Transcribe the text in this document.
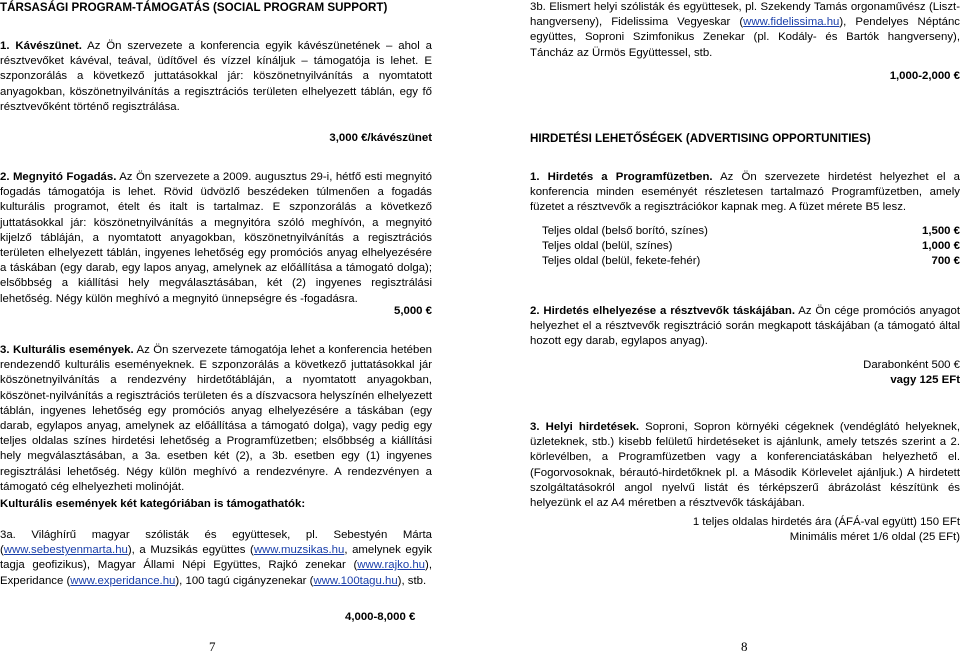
TÁRSASÁGI PROGRAM-TÁMOGATÁS (SOCIAL PROGRAM SUPPORT)

1. Kávészünet. Az Ön szervezete a konferencia egyik kávészünetének – ahol a résztvevőket kávéval, teával, üdítővel és vízzel kínáljuk – támogatója is lehet. E szponzorálás a következő juttatásokkal jár: köszönetnyilvánítás a nyomtatott anyagokban, köszönetnyilvánítás a regisztrációs területen elhelyezett táblán, egy fő résztvevőként történő regisztrálása.

3,000 €/kávészünet

2. Megnyitó Fogadás. Az Ön szervezete a 2009. augusztus 29-i, hétfő esti megnyitó fogadás támogatója is lehet. Rövid üdvözlő beszédeken túlmenően a fogadás kulturális programot, ételt és italt is tartalmaz. E szponzorálás a következő juttatásokkal jár: köszönetnyilvánítás a megnyitóra szóló meghívón, a megnyitó kijelző tábláján, a nyomtatott anyagokban, köszönetnyilvánítás a regisztrációs területen elhelyezett táblán, ingyenes lehetőség egy promóciós anyag elhelyezésére a táskában (egy darab, egy lapos anyag, amelynek az előállítása a támogató dolga); elsőbbség a kiállítási hely megválasztásában, két (2) ingyenes regisztrálási lehetőség. Négy külön meghívó a megnyitó ünnepségre és -fogadásra.

5,000 €

3. Kulturális események. Az Ön szervezete támogatója lehet a konferencia hetében rendezendő kulturális eseményeknek. E szponzorálás a következő juttatásokkal jár köszönetnyilvánítás a rendezvény hirdetőtábláján, a nyomtatott anyagokban, köszönet-nyilvánítás a regisztrációs területen és a díszvacsora helyszínén elhelyezett táblán, ingyenes lehetőség egy promóciós anyag elhelyezésére a táskában (egy darab, egylapos anyag, amelynek az előállítása a támogató dolga), vagy pedig egy teljes oldalas színes hirdetési lehetőség a Programfüzetben; elsőbbség a kiállítási hely megválasztásában, a 3a. esetben két (2), a 3b. esetben egy (1) ingyenes regisztrálási lehetőség. Négy külön meghívó a rendezvényre. A rendezvényen a támogató cég elhelyezheti molinóját.

Kulturális események két kategóriában is támogathatók:

3a. Világhírű magyar szólisták és együttesek, pl. Sebestyén Márta (www.sebestyenmarta.hu), a Muzsikás együttes (www.muzsikas.hu, amelynek egyik tagja geofizikus), Magyar Állami Népi Együttes, Rajkó zenekar (www.rajko.hu), Experidance (www.experidance.hu), 100 tagú cigányzenekar (www.100tagu.hu), stb.

4,000-8,000 €
7

3b. Elismert helyi szólisták és együttesek, pl. Szekendy Tamás orgonaművész (Liszt-hangverseny), Fidelissima Vegyeskar (www.fidelissima.hu), Pendelyes Néptánc együttes, Soproni Szimfonikus Zenekar (pl. Kodály- és Bartók hangverseny), Táncház az Ürmös Együttessel, stb.

1,000-2,000 €
HIRDETÉSI LEHETŐSÉGEK (ADVERTISING OPPORTUNITIES)

1. Hirdetés a Programfüzetben. Az Ön szervezete hirdetést helyezhet el a konferencia minden eseményét részletesen tartalmazó Programfüzetben, amely füzetet a résztvevők a regisztrációkor kapnak meg. A füzet mérete B5 lesz.

Teljes oldal (belső borító, színes)	1,500 €
Teljes oldal (belül, színes)	1,000 €
Teljes oldal (belül, fekete-fehér)	700 €

2. Hirdetés elhelyezése a résztvevők táskájában. Az Ön cége promóciós anyagot helyezhet el a résztvevők regisztráció során megkapott táskájában (a támogató által hozott egy darab, egylapos anyag).

Darabonként 500 €
vagy 125 EFt

3. Helyi hirdetések. Soproni, Sopron környéki cégeknek (vendéglátó helyeknek, üzleteknek, stb.) kisebb felületű hirdetéseket is ajánlunk, amely tetszés szerint a 2. körlevélben, a Programfüzetben vagy a konferenciatáskában helyezhető el. (Fogorvosoknak, bérautó-hirdetőknek pl. a Második Körlevelet ajánljuk.) A hirdetett szolgáltatásokról angol nyelvű listát és térképszerű ábrázolást készítünk és helyezünk el az A4 méretben a résztvevők táskájában.

1 teljes oldalas hirdetés ára (ÁFÁ-val együtt) 150 EFt
Minimális méret 1/6 oldal (25 EFt)
8
